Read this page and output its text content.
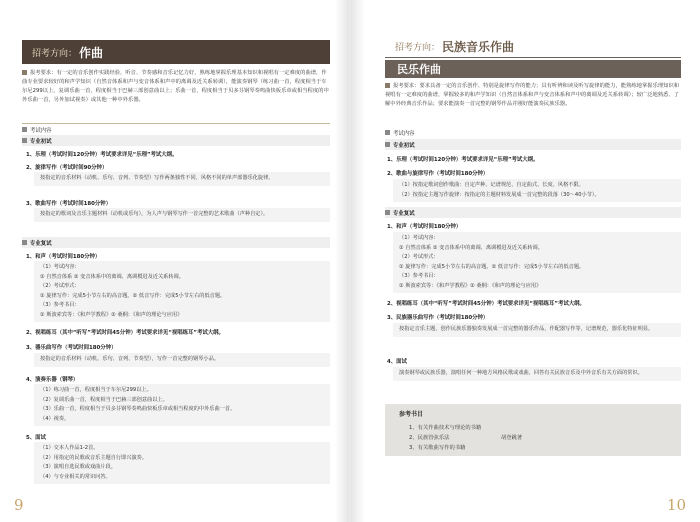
招考方向： 作曲
报考要求：有一定的音乐创作实践经验，听音、节奏感和音乐记忆力好，熟练地掌握乐理基本知识和视唱有一定难度的曲谱，作曲专业要求较好的和声学知识（自然音体系和声与变音体系和声中的离调及近关系转调），能演奏钢琴（练习曲一首，程度相当于车尔尼299以上，复调乐曲一首，程度相当于巴赫三部创意曲以上；乐曲一首，程度相当于贝多芬钢琴奏鸣曲快板乐章或相当程度的中外乐曲一首，另外加试视奏）或其他一种中外乐器。
考试内容
专业初试
1、乐理（考试时间120分钟）考试要求详见“乐理”考试大纲。
2、旋律写作（考试时间90分钟）
按指定的音乐材料（动机、乐句、音列、节奏型）写作两条独性不同、风格不同的单声部器乐化旋律。
3、歌曲写作（考试时间180分钟）
按指定的歌词及音乐主题材料（动机或乐句），为人声与钢琴写作一首完整的艺术歌曲（声种自定）。
专业复试
1、和声（考试时间180分钟）
（1）考试内容：
① 自然音体系 ② 变音体系中的离调、离调模进及近关系转调。
（2）考试形式：
① 旋律写作：完成5小节左右的高音题。② 低音写作：完成5小节左右的低音题。
（3）参考书目：
① 斯波索宾等：《和声学教程》② 桑桐：《和声的理论与应用》
2、视唱练耳（其中“听写”考试时间45分钟）考试要求详见“视唱练耳”考试大纲。
3、器乐曲写作（考试时间180分钟）
按指定的音乐材料（动机、乐句、音列、节奏型），写作一首完整的钢琴小品。
4、演奏乐器（钢琴）
（1）练习曲一首，程度相当于车尔尼299以上。
（2）复调乐曲一首，程度相当于巴赫三部创意曲以上。
（3）乐曲一首，程度相当于贝多芬钢琴奏鸣曲快板乐章或相当程度的中外乐曲一首。
（4）视奏。
5、面试
（1）交本人作品1-2首。
（2）用指定的民歌或音乐主题自行即兴演奏。
（3）演唱自选民歌或戏曲片段。
（4）与专业相关的常识问答。
9
招考方向： 民族音乐作曲
民乐作曲
报考要求：要求具备一定的音乐创作、特别是旋律写作的能力；具有听辨和读及听写旋律的能力，能熟练地掌握乐理知识和视唱有一定难度的曲谱，掌握较多的和声学知识（自然音体系和声与变音体系和声中的离调及近关系转调）；较广泛地熟悉、了解中外经典音乐作品；要求能演奏一首完整的钢琴作品并刚好能演奏民族乐器。
考试内容
专业初试
1、乐理（考试时间120分钟）考试要求详见“乐理”考试大纲。
2、歌曲与旋律写作（考试时间180分钟）
（1）按指定歌词创作歌曲：自定声种、记谱规范、自定曲式、长度、风格不限。
（2）按指定主题写作旋律：按指定的主题材料发展成一首完整的段落（30～40小节）。
专业复试
1、和声（考试时间180分钟）
（1）考试内容：
① 自然音体系 ② 变音体系中的离调、离调模进及近关系转调。
（2）考试形式：
① 旋律写作：完成5小节左右的高音题。② 低音写作：完成5小节左右的低音题。
（3）参考书目：
① 斯波索宾等：《和声学教程》② 桑桐：《和声的理论与应用》
2、视唱练耳（其中“听写”考试时间45分钟）考试要求详见“视唱练耳”考试大纲。
3、民族器乐曲写作（考试时间180分钟）
按指定音乐主题，创作民族乐器独奏发展成一首完整的器乐作品，作配器写作等，记谱规范，器乐化特征明显。
4、面试
演奏钢琴或民族乐器，演唱任何一种地方风格民歌或戏曲，回答有关民族音乐及中外音乐有关方面的常识。
参考书目
1、有关作曲技术与理论的书籍
2、民族管弦乐法	胡登跳著
3、有关歌曲写作的书籍
10
